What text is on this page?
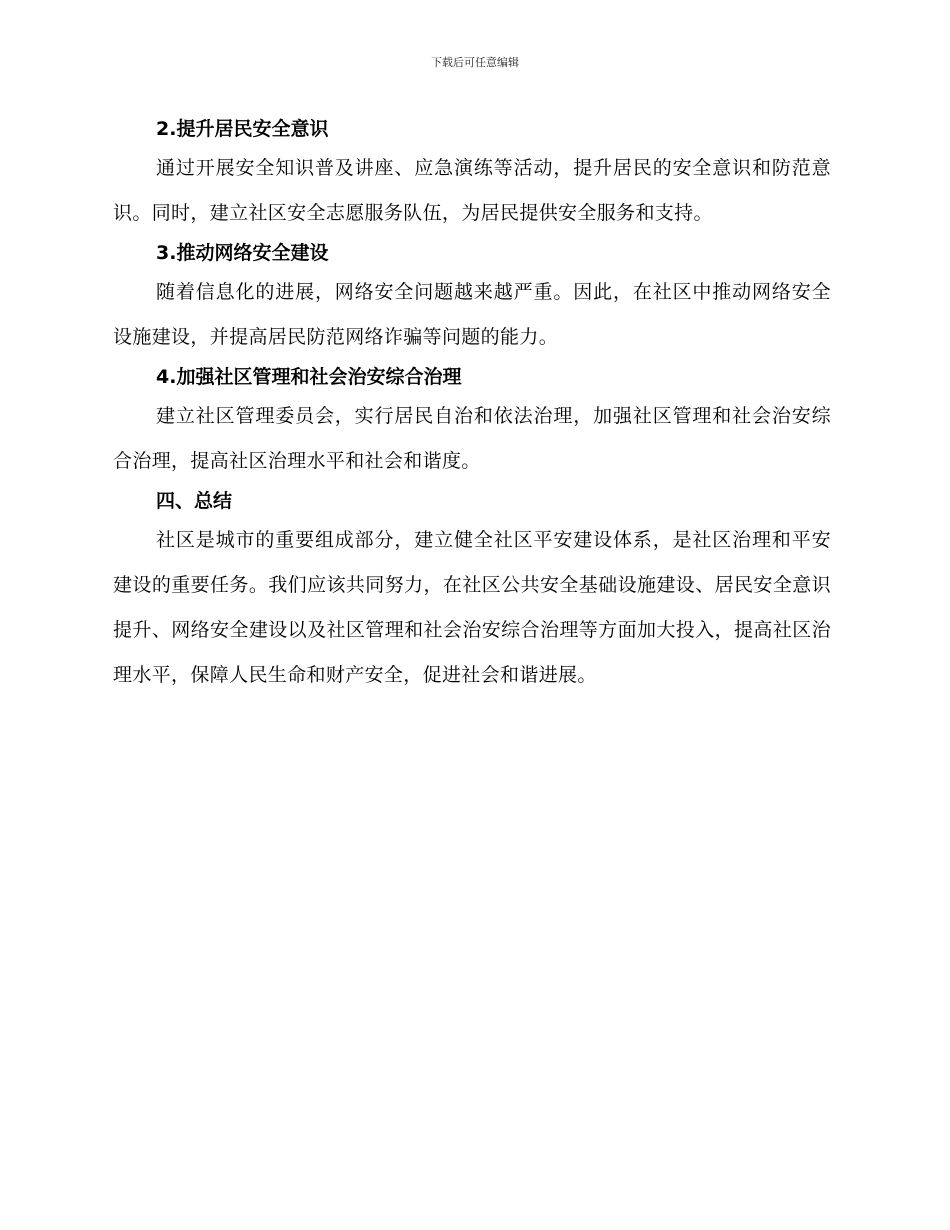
下载后可任意编辑
2.提升居民安全意识

通过开展安全知识普及讲座、应急演练等活动，提升居民的安全意识和防范意识。同时，建立社区安全志愿服务队伍，为居民提供安全服务和支持。

3.推动网络安全建设

随着信息化的进展，网络安全问题越来越严重。因此，在社区中推动网络安全设施建设，并提高居民防范网络诈骗等问题的能力。

4.加强社区管理和社会治安综合治理

建立社区管理委员会，实行居民自治和依法治理，加强社区管理和社会治安综合治理，提高社区治理水平和社会和谐度。

四、总结

社区是城市的重要组成部分，建立健全社区平安建设体系，是社区治理和平安建设的重要任务。我们应该共同努力，在社区公共安全基础设施建设、居民安全意识提升、网络安全建设以及社区管理和社会治安综合治理等方面加大投入，提高社区治理水平，保障人民生命和财产安全，促进社会和谐进展。
